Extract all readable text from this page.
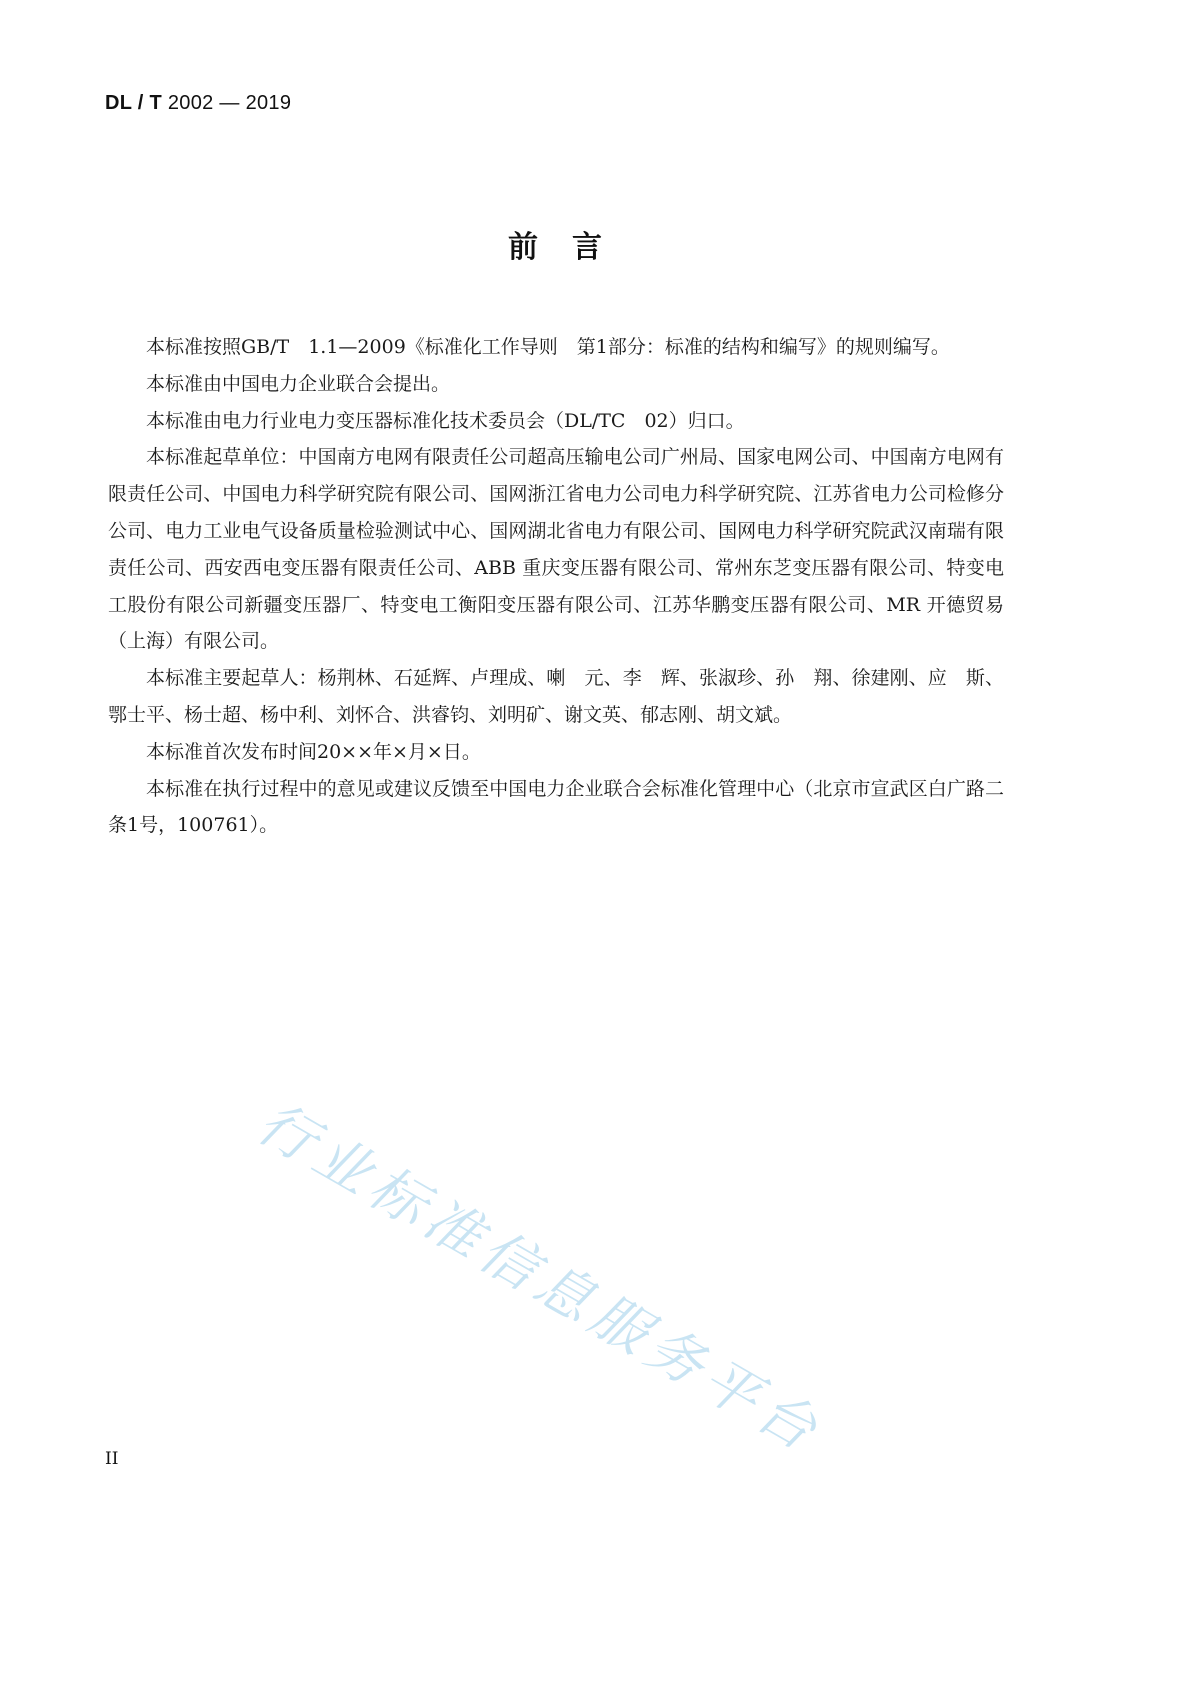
DL / T 2002 — 2019
前言

本标准按照GB/T　1.1—2009《标准化工作导则　第1部分：标准的结构和编写》的规则编写。

本标准由中国电力企业联合会提出。

本标准由电力行业电力变压器标准化技术委员会（DL/TC　02）归口。

本标准起草单位：中国南方电网有限责任公司超高压输电公司广州局、国家电网公司、中国南方电网有限责任公司、中国电力科学研究院有限公司、国网浙江省电力公司电力科学研究院、江苏省电力公司检修分公司、电力工业电气设备质量检验测试中心、国网湖北省电力有限公司、国网电力科学研究院武汉南瑞有限责任公司、西安西电变压器有限责任公司、ABB 重庆变压器有限公司、常州东芝变压器有限公司、特变电工股份有限公司新疆变压器厂、特变电工衡阳变压器有限公司、江苏华鹏变压器有限公司、MR 开德贸易（上海）有限公司。

本标准主要起草人：杨荆林、石延辉、卢理成、喇　元、李　辉、张淑珍、孙　翔、徐建刚、应　斯、鄂士平、杨士超、杨中利、刘怀合、洪睿钧、刘明矿、谢文英、郁志刚、胡文斌。

本标准首次发布时间20××年×月×日。

本标准在执行过程中的意见或建议反馈至中国电力企业联合会标准化管理中心（北京市宣武区白广路二条1号，100761）。

行业标准信息服务平台
II
